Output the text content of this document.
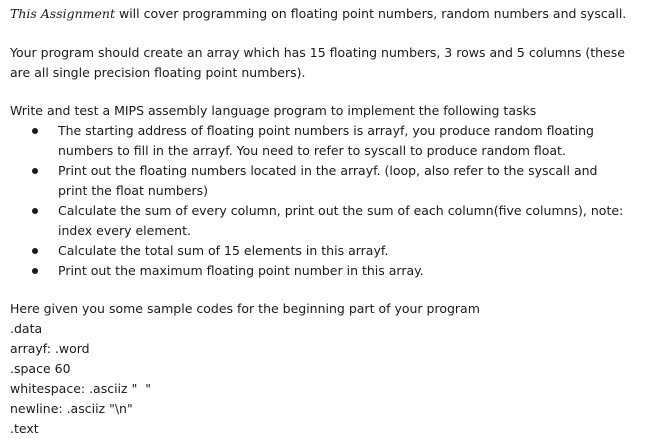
This Assignment will cover programming on floating point numbers, random numbers and syscall.
Your program should create an array which has 15 floating numbers, 3 rows and 5 columns (these
are all single precision floating point numbers).
Write and test a MIPS assembly language program to implement the following tasks
The starting address of floating point numbers is arrayf, you produce random floating
numbers to fill in the arrayf. You need to refer to syscall to produce random float.
Print out the floating numbers located in the arrayf. (loop, also refer to the syscall and
print the float numbers)
Calculate the sum of every column, print out the sum of each column(five columns), note:
index every element.
Calculate the total sum of 15 elements in this arrayf.
Print out the maximum floating point number in this array.
Here given you some sample codes for the beginning part of your program
.data
arrayf: .word
.space 60
whitespace: .asciiz "  "
newline: .asciiz "\n"
.text
